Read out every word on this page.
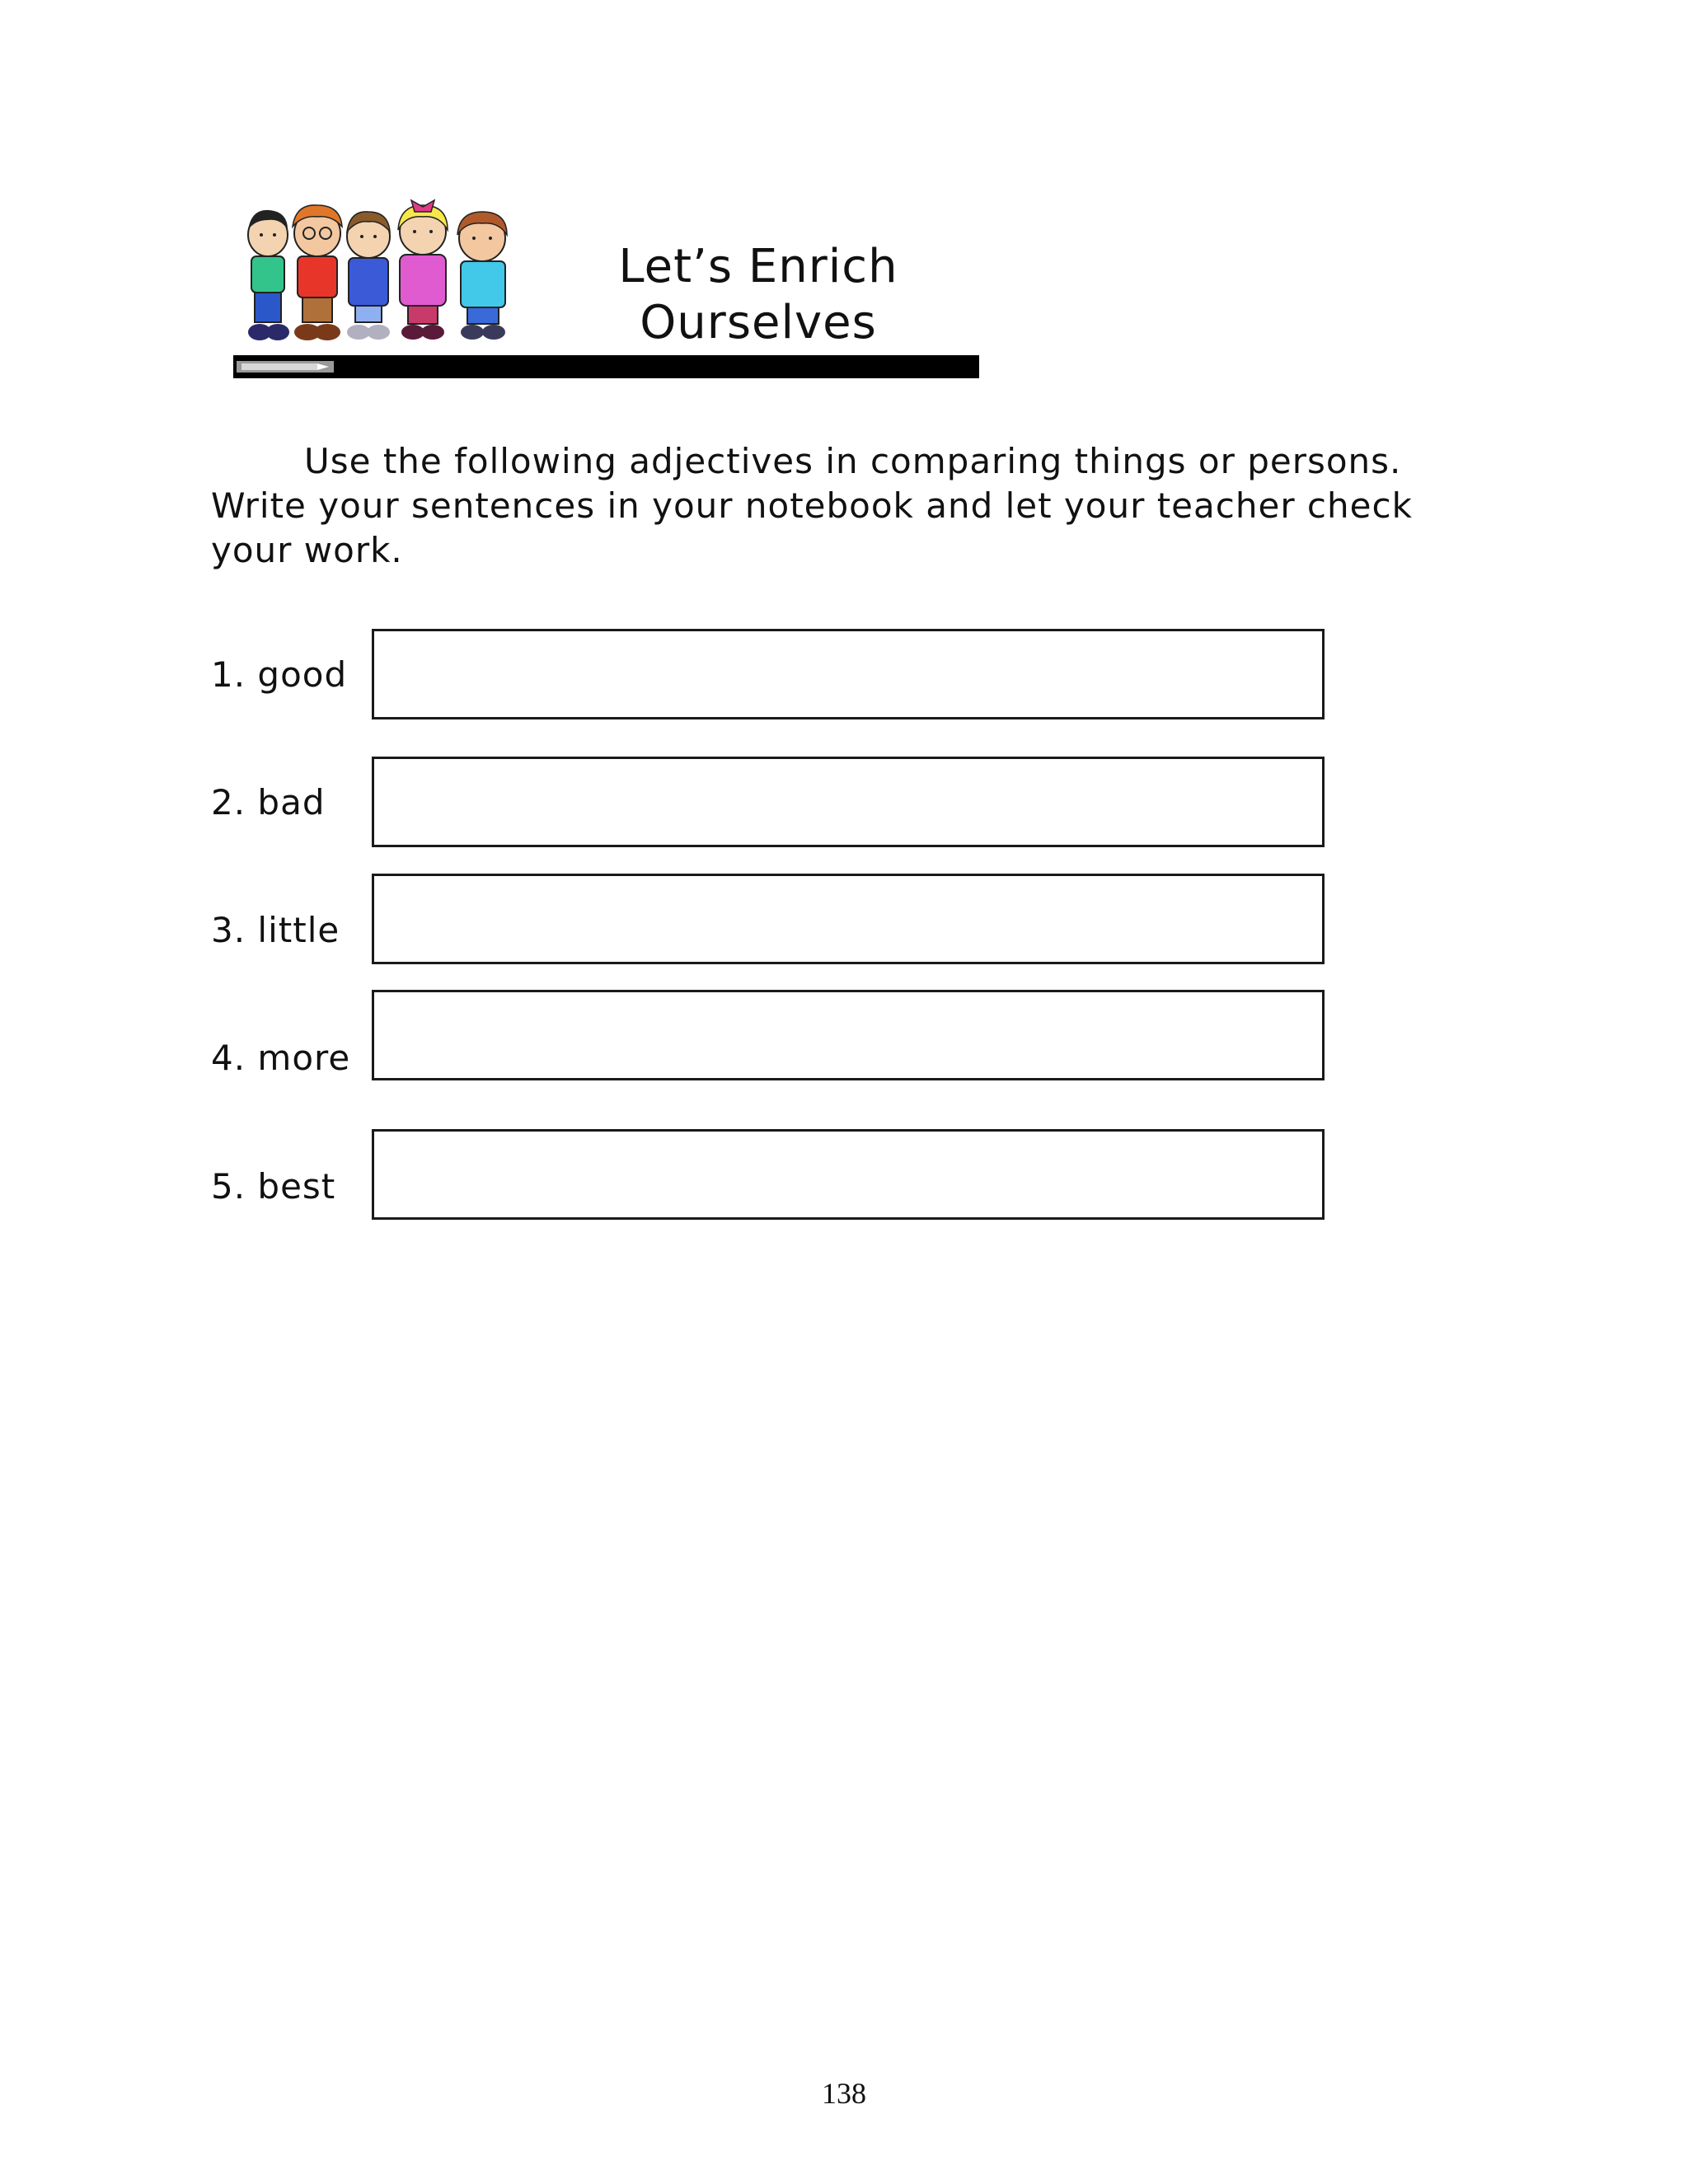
Let’s Enrich
Ourselves
Use the following adjectives in comparing things or persons. Write your sentences in your notebook and let your teacher check your work.
1. good
2. bad
3. little
4. more
5. best
138
